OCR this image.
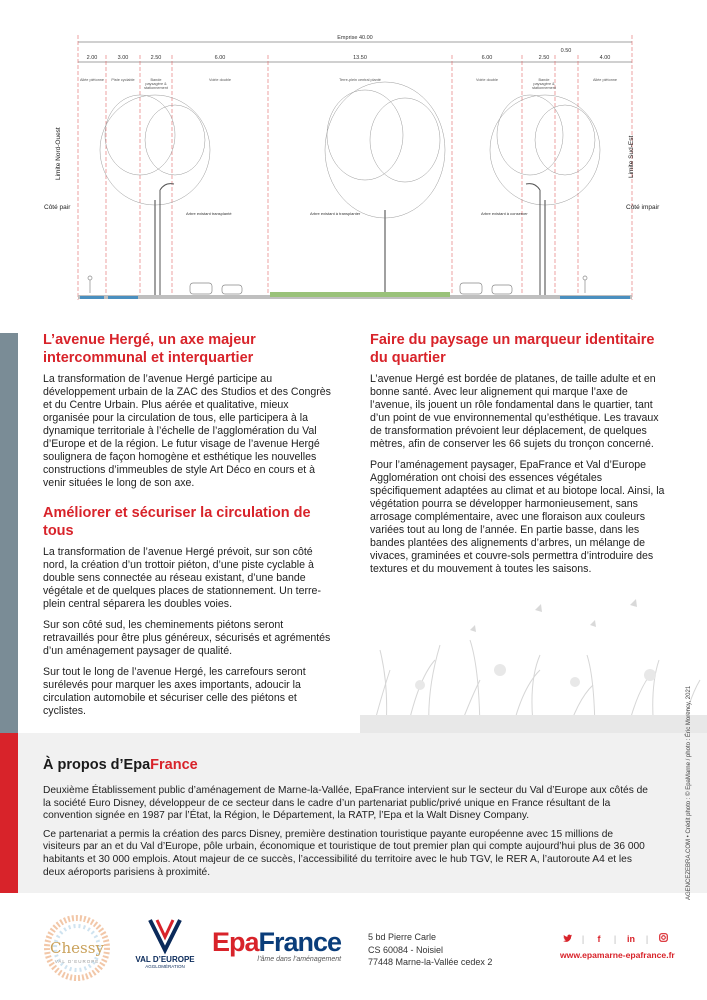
Emprise 40.00
2.00	3.00	2.50	6.00	13.50	6.00	2.50	4.00
0.50
Allée piétonne Piste cyclable	Bande paysagère & stationnement
Voirie double	Terre-plein central planté	Voirie double	Bande paysagère & stationnement
Allée piétonne
Limite Nord-Ouest	Limite Sud-Est
Côté pair	Côté impair
Arbre existant transplanté	Arbre existant à transplanter	Arbre existant à conserver
L’avenue Hergé, un axe majeur intercommunal et interquartier

La transformation de l’avenue Hergé participe au développement urbain de la ZAC des Studios et des Congrès et du Centre Urbain. Plus aérée et qualitative, mieux organisée pour la circulation de tous, elle participera à la dynamique territoriale à l’échelle de l’agglomération du Val d’Europe et de la région. Le futur visage de l’avenue Hergé soulignera de façon homogène et esthétique les nouvelles constructions d’immeubles de style Art Déco en cours et à venir situées le long de son axe.

Améliorer et sécuriser la circulation de tous

La transformation de l’avenue Hergé prévoit, sur son côté nord, la création d’un trottoir piéton, d’une piste cyclable à double sens connectée au réseau existant, d’une bande végétale et de quelques places de stationnement. Un terre-plein central séparera les doubles voies.

Sur son côté sud, les cheminements piétons seront retravaillés pour être plus généreux, sécurisés et agrémentés d’un aménagement paysager de qualité.

Sur tout le long de l’avenue Hergé, les carrefours seront surélevés pour marquer les axes importants, adoucir la circulation automobile et sécuriser celle des piétons et cyclistes.

Faire du paysage un marqueur identitaire du quartier

L’avenue Hergé est bordée de platanes, de taille adulte et en bonne santé. Avec leur alignement qui marque l’axe de l’avenue, ils jouent un rôle fondamental dans le quartier, tant d’un point de vue environnemental qu’esthétique. Les travaux de transformation prévoient leur déplacement, de quelques mètres, afin de conserver les 66 sujets du tronçon concerné.

Pour l’aménagement paysager, EpaFrance et Val d’Europe Agglomération ont choisi des essences végétales spécifiquement adaptées au climat et au biotope local. Ainsi, la végétation pourra se développer harmonieusement, sans arrosage complémentaire, avec une floraison aux couleurs variées tout au long de l’année. En partie basse, dans les bandes plantées des alignements d’arbres, un mélange de vivaces, graminées et couvre-sols permettra d’introduire des textures et du mouvement à toutes les saisons.

À propos d’EpaFrance

Deuxième Établissement public d’aménagement de Marne-la-Vallée, EpaFrance intervient sur le secteur du Val d’Europe aux côtés de la société Euro Disney, développeur de ce secteur dans le cadre d’un partenariat public/privé unique en France résultant de la convention signée en 1987 par l’État, la Région, le Département, la RATP, l’Epa et la Walt Disney Company.

Ce partenariat a permis la création des parcs Disney, première destination touristique payante européenne avec 15 millions de visiteurs par an et du Val d’Europe, pôle urbain, économique et touristique de tout premier plan qui compte aujourd’hui plus de 36 000 habitants et 30 000 emplois. Atout majeur de ce succès, l’accessibilité du territoire avec le hub TGV, le RER A, l’autoroute A4 et les deux aéroports parisiens à proximité.

Chessy
VAL D’EUROPE	VAL D’EUROPE
AGGLOMÉRATION
EpaFrance
l’âme dans l’aménagement
5 bd Pierre Carle
CS 60084 - Noisiel
77448 Marne-la-Vallée cedex 2
|	f	|	in	|
www.epamarne-epafrance.fr
AGENCEZEBRA.COM • Crédit photo : © EpaMarne / photo : Éric Morency, 2021
